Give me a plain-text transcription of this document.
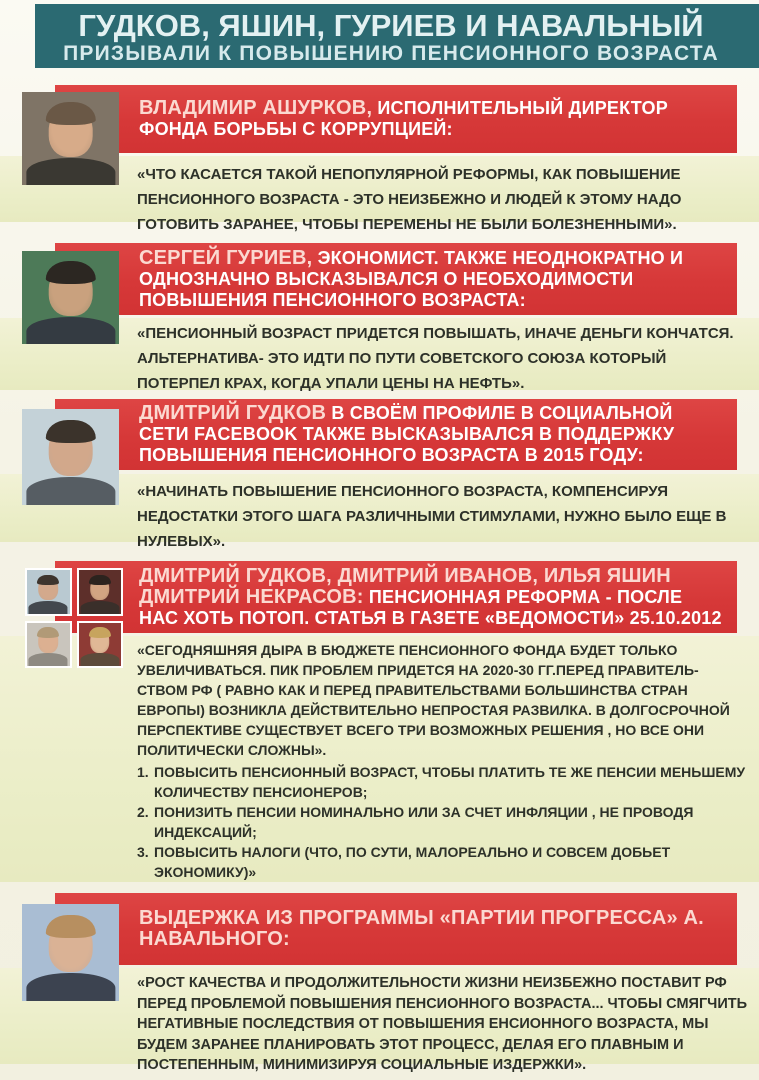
ГУДКОВ, ЯШИН, ГУРИЕВ И НАВАЛЬНЫЙ
ПРИЗЫВАЛИ К ПОВЫШЕНИЮ ПЕНСИОННОГО ВОЗРАСТА
ВЛАДИМИР АШУРКОВ, ИСПОЛНИТЕЛЬНЫЙ ДИРЕКТОР ФОНДА БОРЬБЫ С КОРРУПЦИЕЙ:
СЕРГЕЙ ГУРИЕВ, ЭКОНОМИСТ. ТАКЖЕ НЕОДНОКРАТНО И ОДНОЗНАЧНО ВЫСКАЗЫВАЛСЯ О НЕОБХОДИМОСТИ ПОВЫШЕНИЯ ПЕНСИОННОГО ВОЗРАСТА:
ДМИТРИЙ ГУДКОВ В СВОЁМ ПРОФИЛЕ В СОЦИАЛЬНОЙ СЕТИ FACEBOOK ТАКЖЕ ВЫСКАЗЫВАЛСЯ В ПОДДЕРЖКУ ПОВЫШЕНИЯ ПЕНСИОННОГО ВОЗРАСТА В 2015 ГОДУ:
ДМИТРИЙ ГУДКОВ, ДМИТРИЙ ИВАНОВ, ИЛЬЯ ЯШИН ДМИТРИЙ НЕКРАСОВ: ПЕНСИОННАЯ РЕФОРМА - ПОСЛЕ НАС ХОТЬ ПОТОП. СТАТЬЯ В ГАЗЕТЕ «ВЕДОМОСТИ» 25.10.2012
ВЫДЕРЖКА ИЗ ПРОГРАММЫ «ПАРТИИ ПРОГРЕССА» А. НАВАЛЬНОГО:

«ЧТО КАСАЕТСЯ ТАКОЙ НЕПОПУЛЯРНОЙ РЕФОРМЫ, КАК ПОВЫШЕНИЕ ПЕНСИОННОГО ВОЗРАСТА - ЭТО НЕИЗБЕЖНО И ЛЮДЕЙ К ЭТОМУ НАДО ГОТОВИТЬ ЗАРАНЕЕ, ЧТОБЫ ПЕРЕМЕНЫ НЕ БЫЛИ БОЛЕЗНЕННЫМИ».

«ПЕНСИОННЫЙ ВОЗРАСТ ПРИДЕТСЯ ПОВЫШАТЬ, ИНАЧЕ ДЕНЬГИ КОНЧАТСЯ. АЛЬТЕРНАТИВА- ЭТО ИДТИ ПО ПУТИ СОВЕТСКОГО СОЮЗА КОТОРЫЙ ПОТЕРПЕЛ КРАХ, КОГДА УПАЛИ ЦЕНЫ НА НЕФТЬ».

«НАЧИНАТЬ ПОВЫШЕНИЕ ПЕНСИОННОГО ВОЗРАСТА, КОМПЕНСИРУЯ НЕДОСТАТКИ ЭТОГО ШАГА РАЗЛИЧНЫМИ СТИМУЛАМИ, НУЖНО БЫЛО ЕЩЕ В НУЛЕВЫХ».

«СЕГОДНЯШНЯЯ ДЫРА В БЮДЖЕТЕ ПЕНСИОННОГО ФОНДА БУДЕТ ТОЛЬКО УВЕЛИЧИВАТЬСЯ. ПИК ПРОБЛЕМ ПРИДЕТСЯ НА 2020-30 ГГ.ПЕРЕД ПРАВИТЕЛЬ-СТВОМ РФ ( РАВНО КАК И ПЕРЕД ПРАВИТЕЛЬСТВАМИ БОЛЬШИНСТВА СТРАН ЕВРОПЫ) ВОЗНИКЛА ДЕЙСТВИТЕЛЬНО НЕПРОСТАЯ РАЗВИЛКА. В ДОЛГОСРОЧНОЙ ПЕРСПЕКТИВЕ СУЩЕСТВУЕТ ВСЕГО ТРИ ВОЗМОЖНЫХ РЕШЕНИЯ , НО ВСЕ ОНИ ПОЛИТИЧЕСКИ СЛОЖНЫ».

1. ПОВЫСИТЬ ПЕНСИОННЫЙ ВОЗРАСТ, ЧТОБЫ ПЛАТИТЬ ТЕ ЖЕ ПЕНСИИ МЕНЬШЕМУ КОЛИЧЕСТВУ ПЕНСИОНЕРОВ;
2. ПОНИЗИТЬ ПЕНСИИ НОМИНАЛЬНО ИЛИ ЗА СЧЕТ ИНФЛЯЦИИ , НЕ ПРОВОДЯ ИНДЕКСАЦИЙ;
3. ПОВЫСИТЬ НАЛОГИ (ЧТО, ПО СУТИ, МАЛОРЕАЛЬНО И СОВСЕМ ДОБЬЕТ ЭКОНОМИКУ)»

«РОСТ КАЧЕСТВА И ПРОДОЛЖИТЕЛЬНОСТИ ЖИЗНИ НЕИЗБЕЖНО ПОСТАВИТ РФ ПЕРЕД ПРОБЛЕМОЙ ПОВЫШЕНИЯ ПЕНСИОННОГО ВОЗРАСТА... ЧТОБЫ СМЯГЧИТЬ НЕГАТИВНЫЕ ПОСЛЕДСТВИЯ ОТ ПОВЫШЕНИЯ ЕНСИОННОГО ВОЗРАСТА, МЫ БУДЕМ ЗАРАНЕЕ ПЛАНИРОВАТЬ ЭТОТ ПРОЦЕСС, ДЕЛАЯ ЕГО ПЛАВНЫМ И ПОСТЕПЕННЫМ, МИНИМИЗИРУЯ СОЦИАЛЬНЫЕ ИЗДЕРЖКИ».
